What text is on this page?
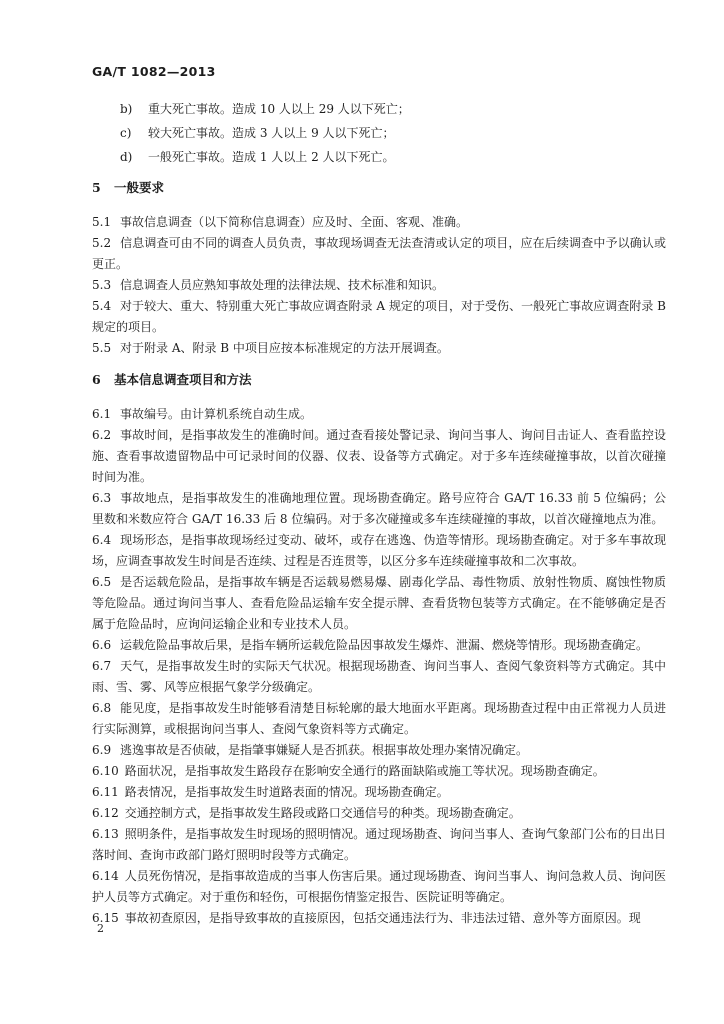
GA/T 1082—2013
b) 重大死亡事故。造成 10 人以上 29 人以下死亡；
c) 较大死亡事故。造成 3 人以上 9 人以下死亡；
d) 一般死亡事故。造成 1 人以上 2 人以下死亡。
5 一般要求
5.1 事故信息调查（以下简称信息调查）应及时、全面、客观、准确。
5.2 信息调查可由不同的调查人员负责，事故现场调查无法查清或认定的项目，应在后续调查中予以确认或更正。
5.3 信息调查人员应熟知事故处理的法律法规、技术标准和知识。
5.4 对于较大、重大、特别重大死亡事故应调查附录 A 规定的项目，对于受伤、一般死亡事故应调查附录 B 规定的项目。
5.5 对于附录 A、附录 B 中项目应按本标准规定的方法开展调查。
6 基本信息调查项目和方法
6.1 事故编号。由计算机系统自动生成。
6.2 事故时间，是指事故发生的准确时间。通过查看接处警记录、询问当事人、询问目击证人、查看监控设施、查看事故遗留物品中可记录时间的仪器、仪表、设备等方式确定。对于多车连续碰撞事故，以首次碰撞时间为准。
6.3 事故地点，是指事故发生的准确地理位置。现场勘查确定。路号应符合 GA/T 16.33 前 5 位编码；公里数和米数应符合 GA/T 16.33 后 8 位编码。对于多次碰撞或多车连续碰撞的事故，以首次碰撞地点为准。
6.4 现场形态，是指事故现场经过变动、破坏，或存在逃逸、伪造等情形。现场勘查确定。对于多车事故现场，应调查事故发生时间是否连续、过程是否连贯等，以区分多车连续碰撞事故和二次事故。
6.5 是否运载危险品，是指事故车辆是否运载易燃易爆、剧毒化学品、毒性物质、放射性物质、腐蚀性物质等危险品。通过询问当事人、查看危险品运输车安全提示牌、查看货物包装等方式确定。在不能够确定是否属于危险品时，应询问运输企业和专业技术人员。
6.6 运载危险品事故后果，是指车辆所运载危险品因事故发生爆炸、泄漏、燃烧等情形。现场勘查确定。
6.7 天气，是指事故发生时的实际天气状况。根据现场勘查、询问当事人、查阅气象资料等方式确定。其中雨、雪、雾、风等应根据气象学分级确定。
6.8 能见度，是指事故发生时能够看清楚目标轮廓的最大地面水平距离。现场勘查过程中由正常视力人员进行实际测算，或根据询问当事人、查阅气象资料等方式确定。
6.9 逃逸事故是否侦破，是指肇事嫌疑人是否抓获。根据事故处理办案情况确定。
6.10 路面状况，是指事故发生路段存在影响安全通行的路面缺陷或施工等状况。现场勘查确定。
6.11 路表情况，是指事故发生时道路表面的情况。现场勘查确定。
6.12 交通控制方式，是指事故发生路段或路口交通信号的种类。现场勘查确定。
6.13 照明条件，是指事故发生时现场的照明情况。通过现场勘查、询问当事人、查询气象部门公布的日出日落时间、查询市政部门路灯照明时段等方式确定。
6.14 人员死伤情况，是指事故造成的当事人伤害后果。通过现场勘查、询问当事人、询问急救人员、询问医护人员等方式确定。对于重伤和轻伤，可根据伤情鉴定报告、医院证明等确定。
6.15 事故初查原因，是指导致事故的直接原因，包括交通违法行为、非违法过错、意外等方面原因。现
2
